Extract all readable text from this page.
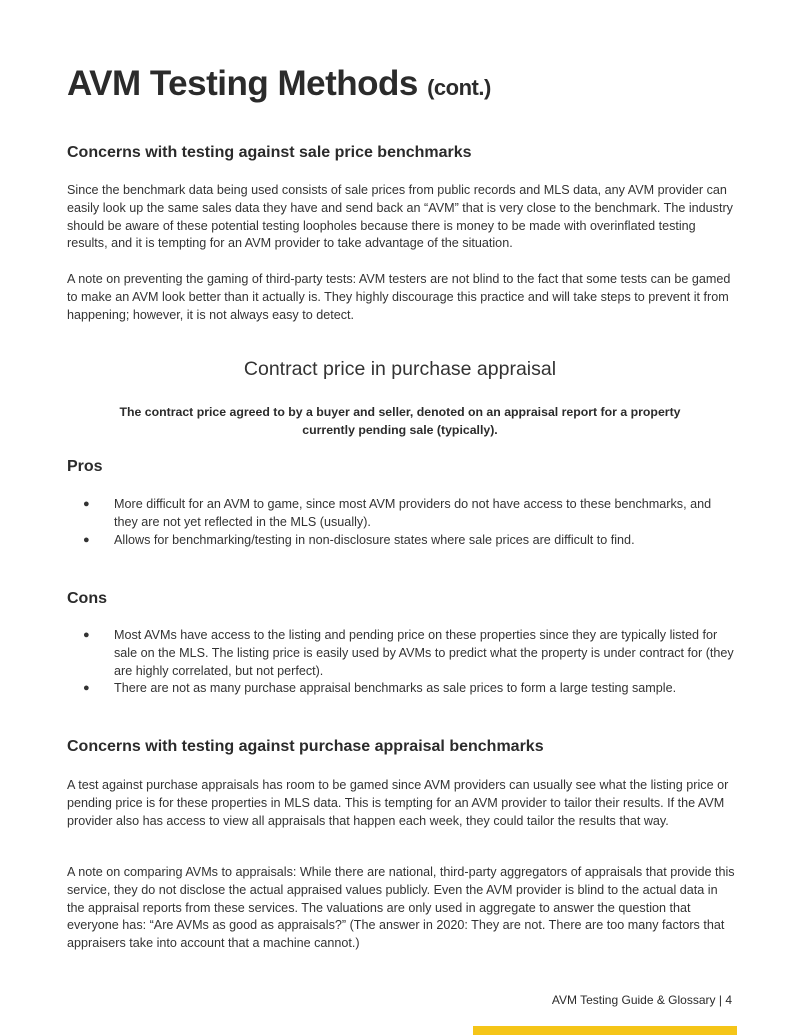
AVM Testing Methods (cont.)
Concerns with testing against sale price benchmarks

Since the benchmark data being used consists of sale prices from public records and MLS data, any AVM provider can easily look up the same sales data they have and send back an “AVM” that is very close to the benchmark. The industry should be aware of these potential testing loopholes because there is money to be made with overinflated testing results, and it is tempting for an AVM provider to take advantage of the situation.

A note on preventing the gaming of third-party tests: AVM testers are not blind to the fact that some tests can be gamed to make an AVM look better than it actually is. They highly discourage this practice and will take steps to prevent it from happening; however, it is not always easy to detect.

Contract price in purchase appraisal

The contract price agreed to by a buyer and seller, denoted on an appraisal report for a property currently pending sale (typically).

Pros
● More difficult for an AVM to game, since most AVM providers do not have access to these benchmarks, and they are not yet reflected in the MLS (usually).
● Allows for benchmarking/testing in non-disclosure states where sale prices are difficult to find.
Cons
● Most AVMs have access to the listing and pending price on these properties since they are typically listed for sale on the MLS. The listing price is easily used by AVMs to predict what the property is under contract for (they are highly correlated, but not perfect).
● There are not as many purchase appraisal benchmarks as sale prices to form a large testing sample.
Concerns with testing against purchase appraisal benchmarks

A test against purchase appraisals has room to be gamed since AVM providers can usually see what the listing price or pending price is for these properties in MLS data. This is tempting for an AVM provider to tailor their results. If the AVM provider also has access to view all appraisals that happen each week, they could tailor the results that way.

A note on comparing AVMs to appraisals: While there are national, third-party aggregators of appraisals that provide this service, they do not disclose the actual appraised values publicly. Even the AVM provider is blind to the actual data in the appraisal reports from these services. The valuations are only used in aggregate to answer the question that everyone has: “Are AVMs as good as appraisals?” (The answer in 2020: They are not. There are too many factors that appraisers take into account that a machine cannot.)

AVM Testing Guide & Glossary | 4
